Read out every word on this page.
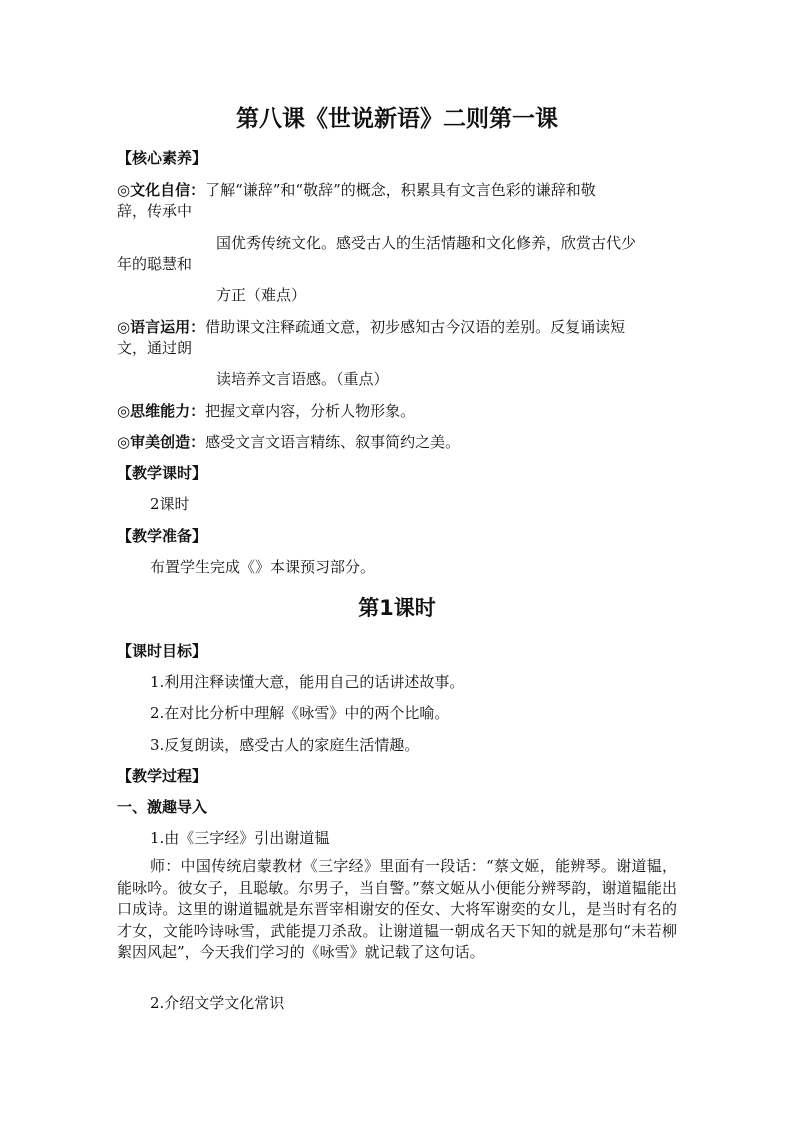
第八课《世说新语》二则第一课
【核心素养】
◎文化自信：了解“谦辞”和“敬辞”的概念，积累具有文言色彩的谦辞和敬
辞，传承中
国优秀传统文化。感受古人的生活情趣和文化修养，欣赏古代少
年的聪慧和
方正（难点）
◎语言运用：借助课文注释疏通文意，初步感知古今汉语的差别。反复诵读短
文，通过朗
读培养文言语感。（重点）
◎思维能力：把握文章内容，分析人物形象。
◎审美创造：感受文言文语言精练、叙事简约之美。
【教学课时】
2课时
【教学准备】
布置学生完成《》本课预习部分。
第1课时
【课时目标】
1.利用注释读懂大意，能用自己的话讲述故事。
2.在对比分析中理解《咏雪》中的两个比喻。
3.反复朗读，感受古人的家庭生活情趣。
【教学过程】
一、激趣导入
1.由《三字经》引出谢道韫
师：中国传统启蒙教材《三字经》里面有一段话：“蔡文姬，能辨琴。谢道韫，能咏吟。彼女子，且聪敏。尔男子，当自警。”蔡文姬从小便能分辨琴韵，谢道韫能出口成诗。这里的谢道韫就是东晋宰相谢安的侄女、大将军谢奕的女儿，是当时有名的才女，文能吟诗咏雪，武能提刀杀敌。让谢道韫一朝成名天下知的就是那句“未若柳絮因风起”，今天我们学习的《咏雪》就记载了这句话。
2.介绍文学文化常识
